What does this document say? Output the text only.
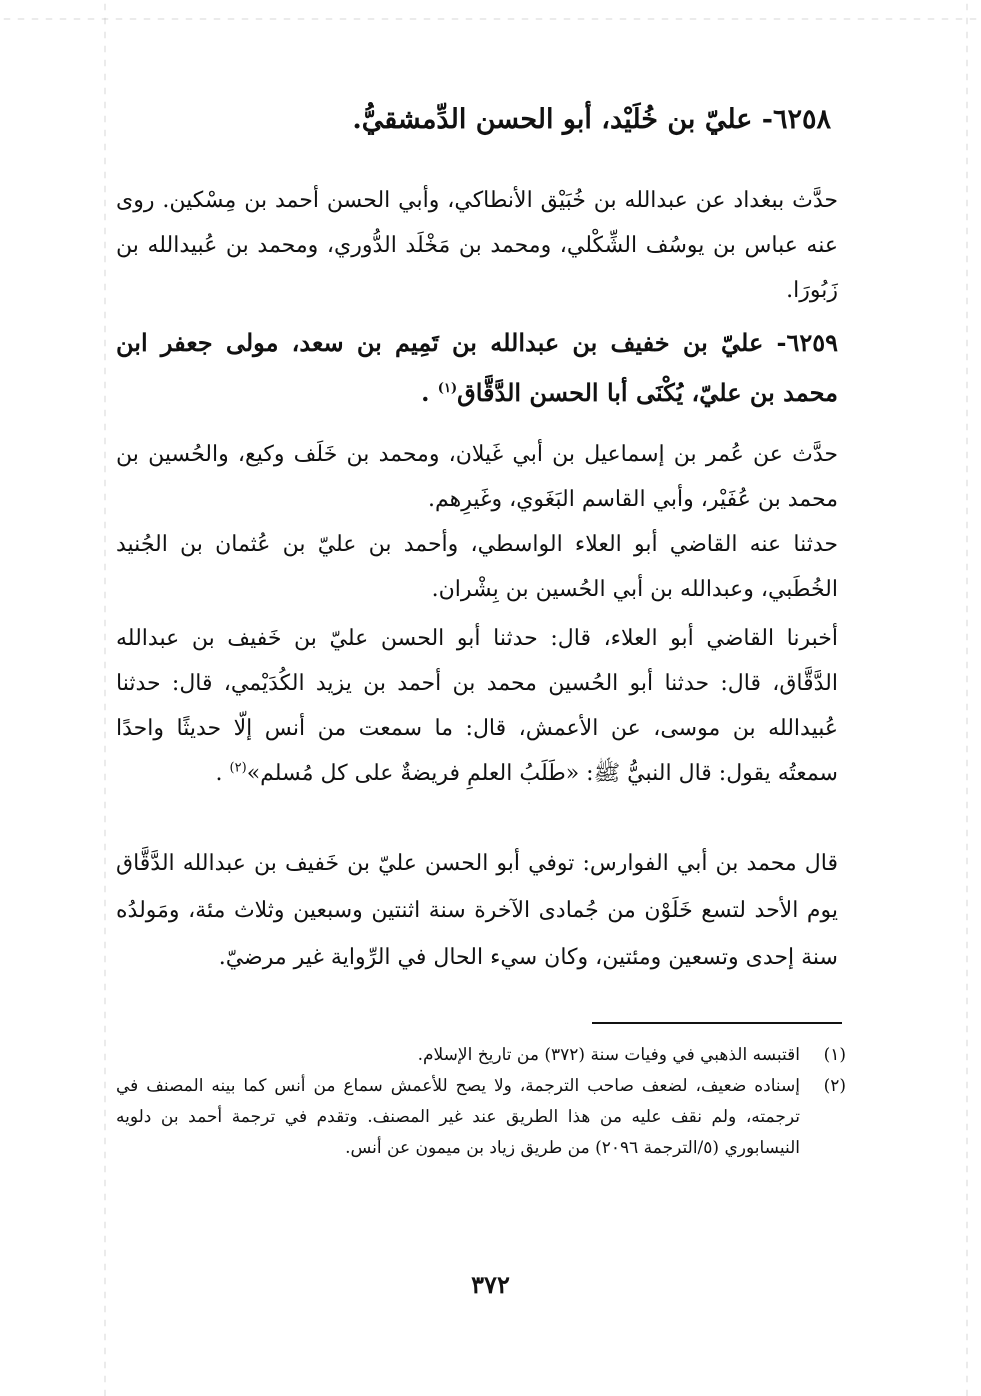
٦٢٥٨- عليّ بن خُلَيْد، أبو الحسن الدِّمشقيُّ.
حدَّث ببغداد عن عبدالله بن خُبَيْق الأنطاكي، وأبي الحسن أحمد بن مِسْكين. روى عنه عباس بن يوسُف الشِّكْلي، ومحمد بن مَخْلَد الدُّوري، ومحمد بن عُبيدالله بن زَبُورَا.
٦٢٥٩- عليّ بن خفيف بن عبدالله بن تَمِيم بن سعد، مولى جعفر ابن محمد بن عليّ، يُكْنَى أبا الحسن الدَّقَّاق$^{(١)}$ .
حدَّث عن عُمر بن إسماعيل بن أبي غَيلان، ومحمد بن خَلَف وكيع، والحُسين بن محمد بن عُفَيْر، وأبي القاسم البَغَوي، وغَيرِهم.
حدثنا عنه القاضي أبو العلاء الواسطي، وأحمد بن عليّ بن عُثمان بن الجُنيد الخُطَبي، وعبدالله بن أبي الحُسين بن بِشْران.
أخبرنا القاضي أبو العلاء، قال: حدثنا أبو الحسن عليّ بن خَفيف بن عبدالله الدَّقَّاق، قال: حدثنا أبو الحُسين محمد بن أحمد بن يزيد الكُدَيْمي، قال: حدثنا عُبيدالله بن موسى، عن الأعمش، قال: ما سمعت من أنس إلّا حديثًا واحدًا سمعتُه يقول: قال النبيُّ ﷺ: «طَلَبُ العلمِ فريضةٌ على كل مُسلم»$^{(٢)}$ .
قال محمد بن أبي الفوارس: توفي أبو الحسن عليّ بن خَفيف بن عبدالله الدَّقَّاق يوم الأحد لتسع خَلَوْن من جُمادى الآخرة سنة اثنتين وسبعين وثلاث مئة، ومَولدُه سنة إحدى وتسعين ومئتين، وكان سيء الحال في الرِّواية غير مرضيّ.
(١)
اقتبسه الذهبي في وفيات سنة (٣٧٢) من تاريخ الإسلام.
(٢)
إسناده ضعيف، لضعف صاحب الترجمة، ولا يصح للأعمش سماع من أنس كما بينه المصنف في ترجمته، ولم نقف عليه من هذا الطريق عند غير المصنف. وتقدم في ترجمة أحمد بن دلويه النيسابوري (٥/الترجمة ٢٠٩٦) من طريق زياد بن ميمون عن أنس.
٣٧٢
